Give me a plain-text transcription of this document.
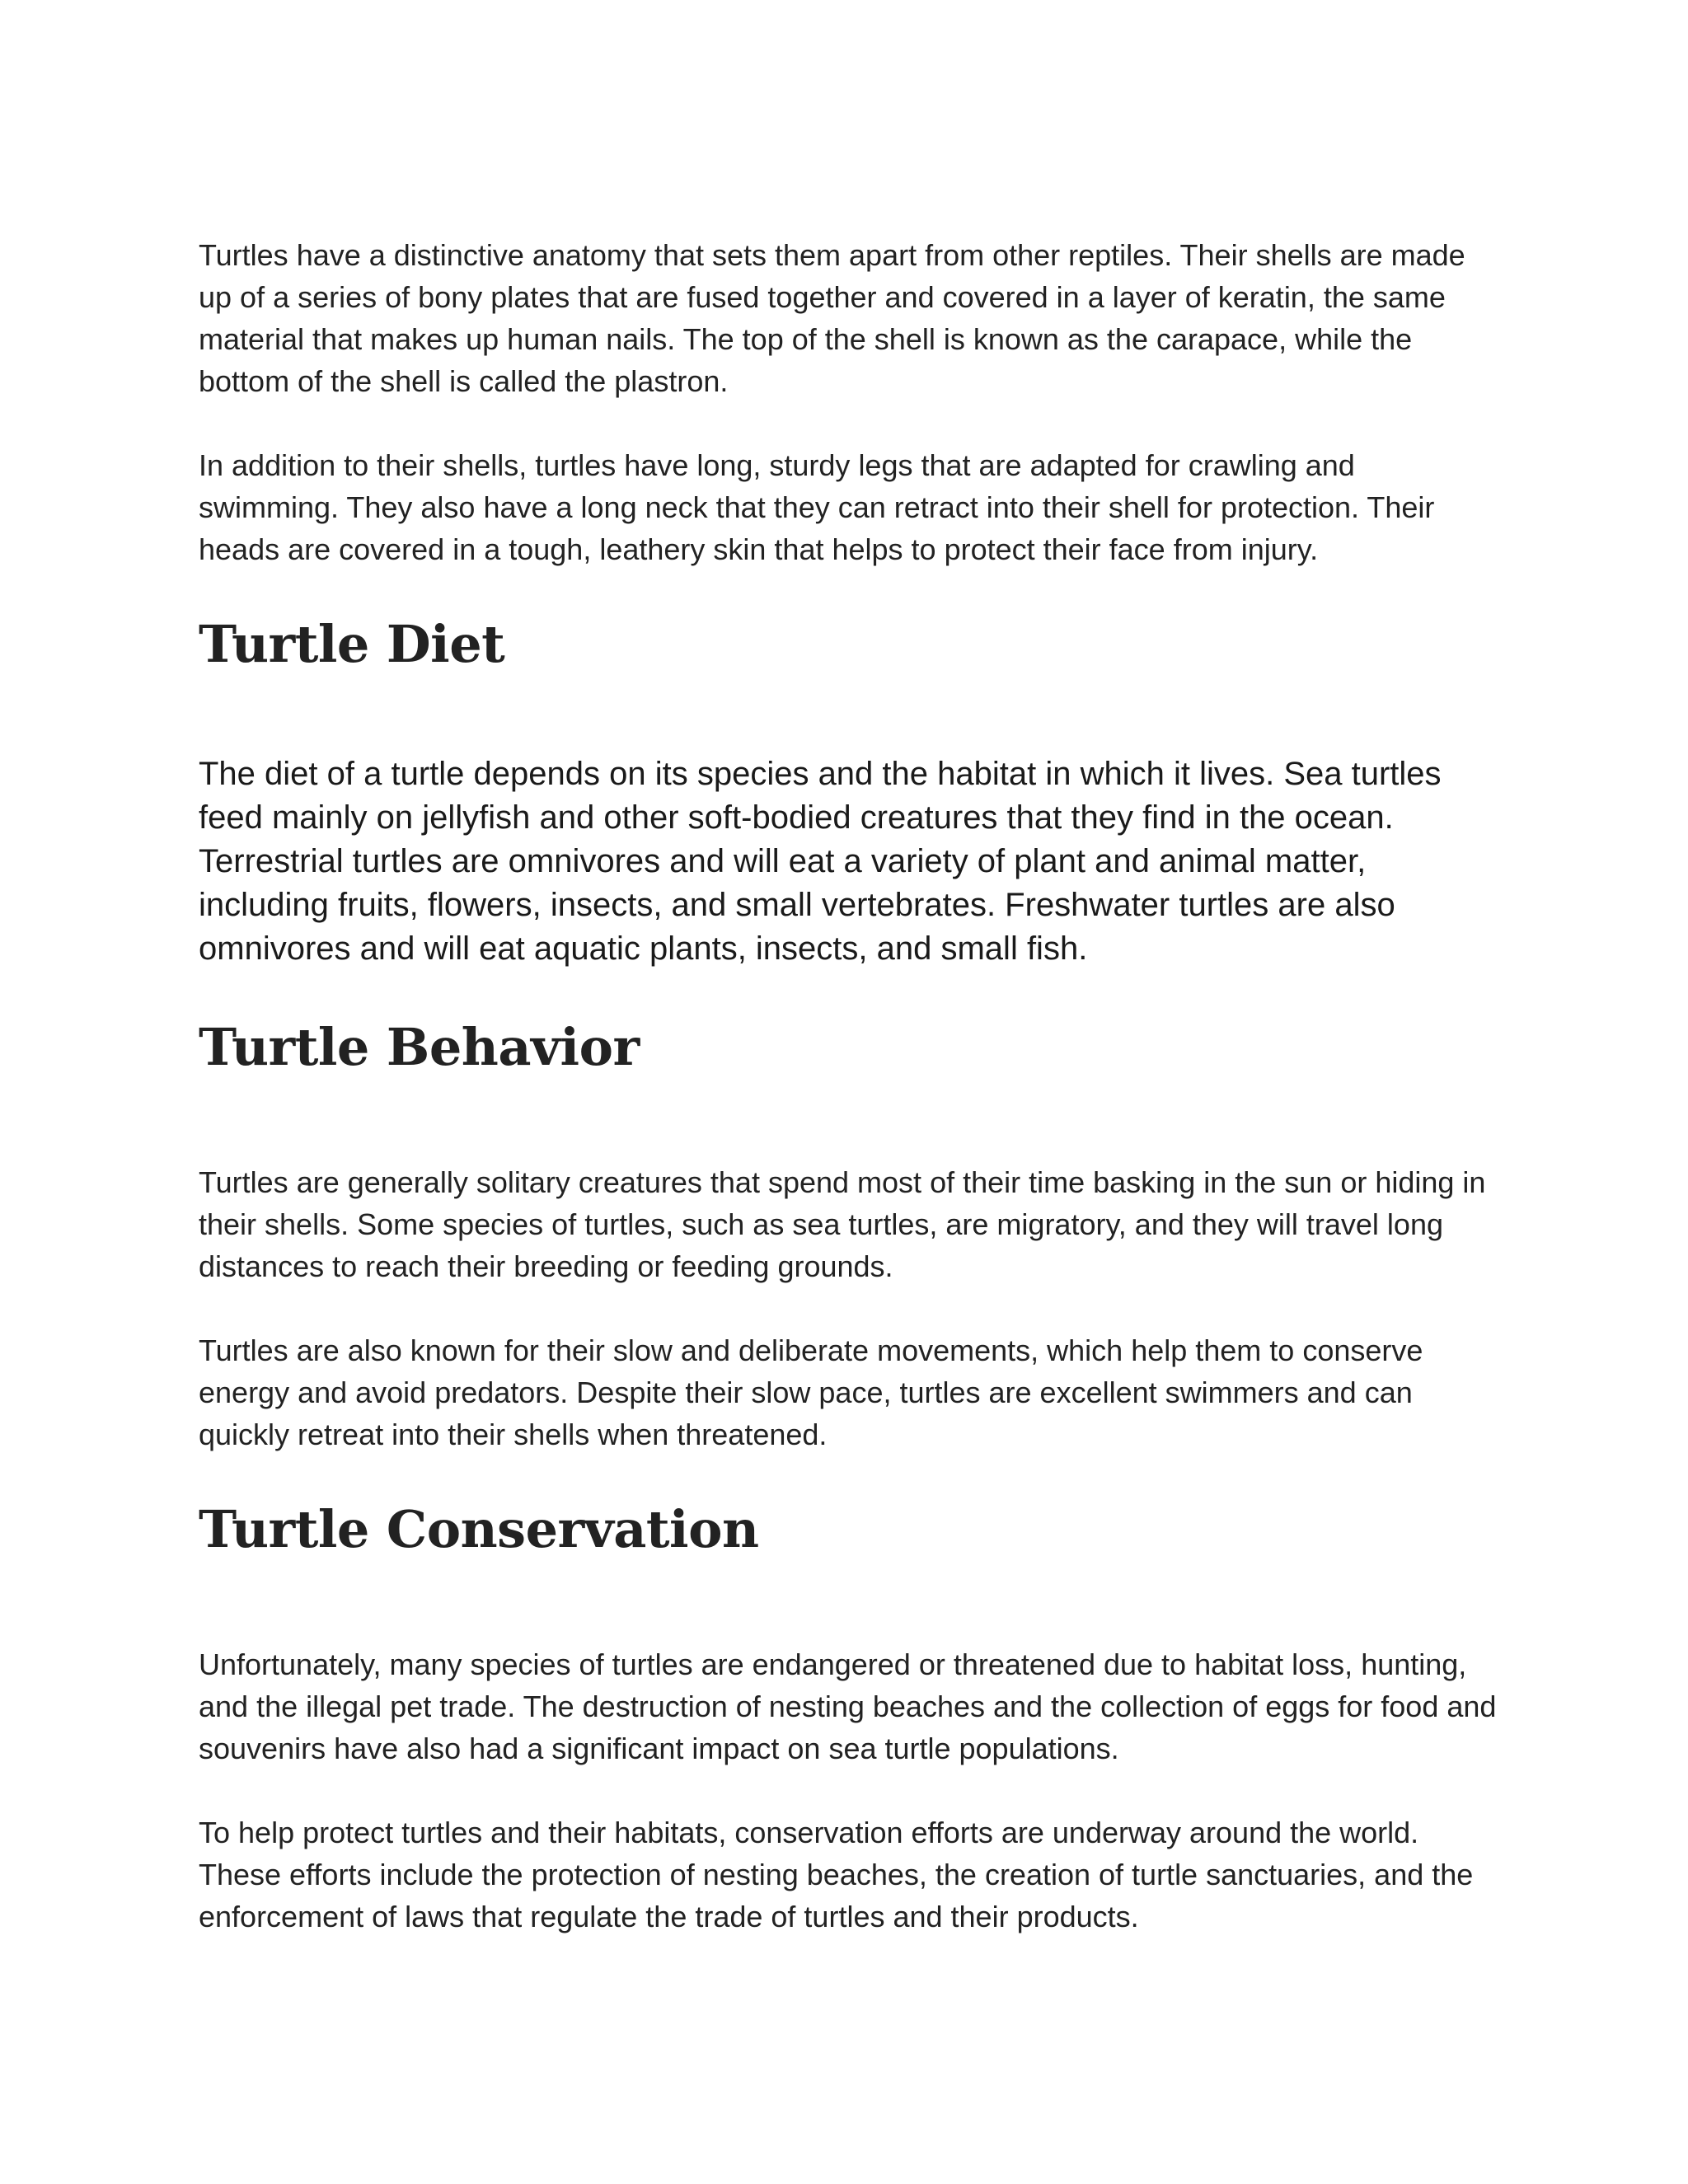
Turtles have a distinctive anatomy that sets them apart from other reptiles. Their shells are made up of a series of bony plates that are fused together and covered in a layer of keratin, the same material that makes up human nails. The top of the shell is known as the carapace, while the bottom of the shell is called the plastron.

In addition to their shells, turtles have long, sturdy legs that are adapted for crawling and swimming. They also have a long neck that they can retract into their shell for protection. Their heads are covered in a tough, leathery skin that helps to protect their face from injury.

Turtle Diet

The diet of a turtle depends on its species and the habitat in which it lives. Sea turtles feed mainly on jellyfish and other soft-bodied creatures that they find in the ocean. Terrestrial turtles are omnivores and will eat a variety of plant and animal matter, including fruits, flowers, insects, and small vertebrates. Freshwater turtles are also omnivores and will eat aquatic plants, insects, and small fish.

Turtle Behavior

Turtles are generally solitary creatures that spend most of their time basking in the sun or hiding in their shells. Some species of turtles, such as sea turtles, are migratory, and they will travel long distances to reach their breeding or feeding grounds.

Turtles are also known for their slow and deliberate movements, which help them to conserve energy and avoid predators. Despite their slow pace, turtles are excellent swimmers and can quickly retreat into their shells when threatened.

Turtle Conservation

Unfortunately, many species of turtles are endangered or threatened due to habitat loss, hunting, and the illegal pet trade. The destruction of nesting beaches and the collection of eggs for food and souvenirs have also had a significant impact on sea turtle populations.

To help protect turtles and their habitats, conservation efforts are underway around the world. These efforts include the protection of nesting beaches, the creation of turtle sanctuaries, and the enforcement of laws that regulate the trade of turtles and their products.
